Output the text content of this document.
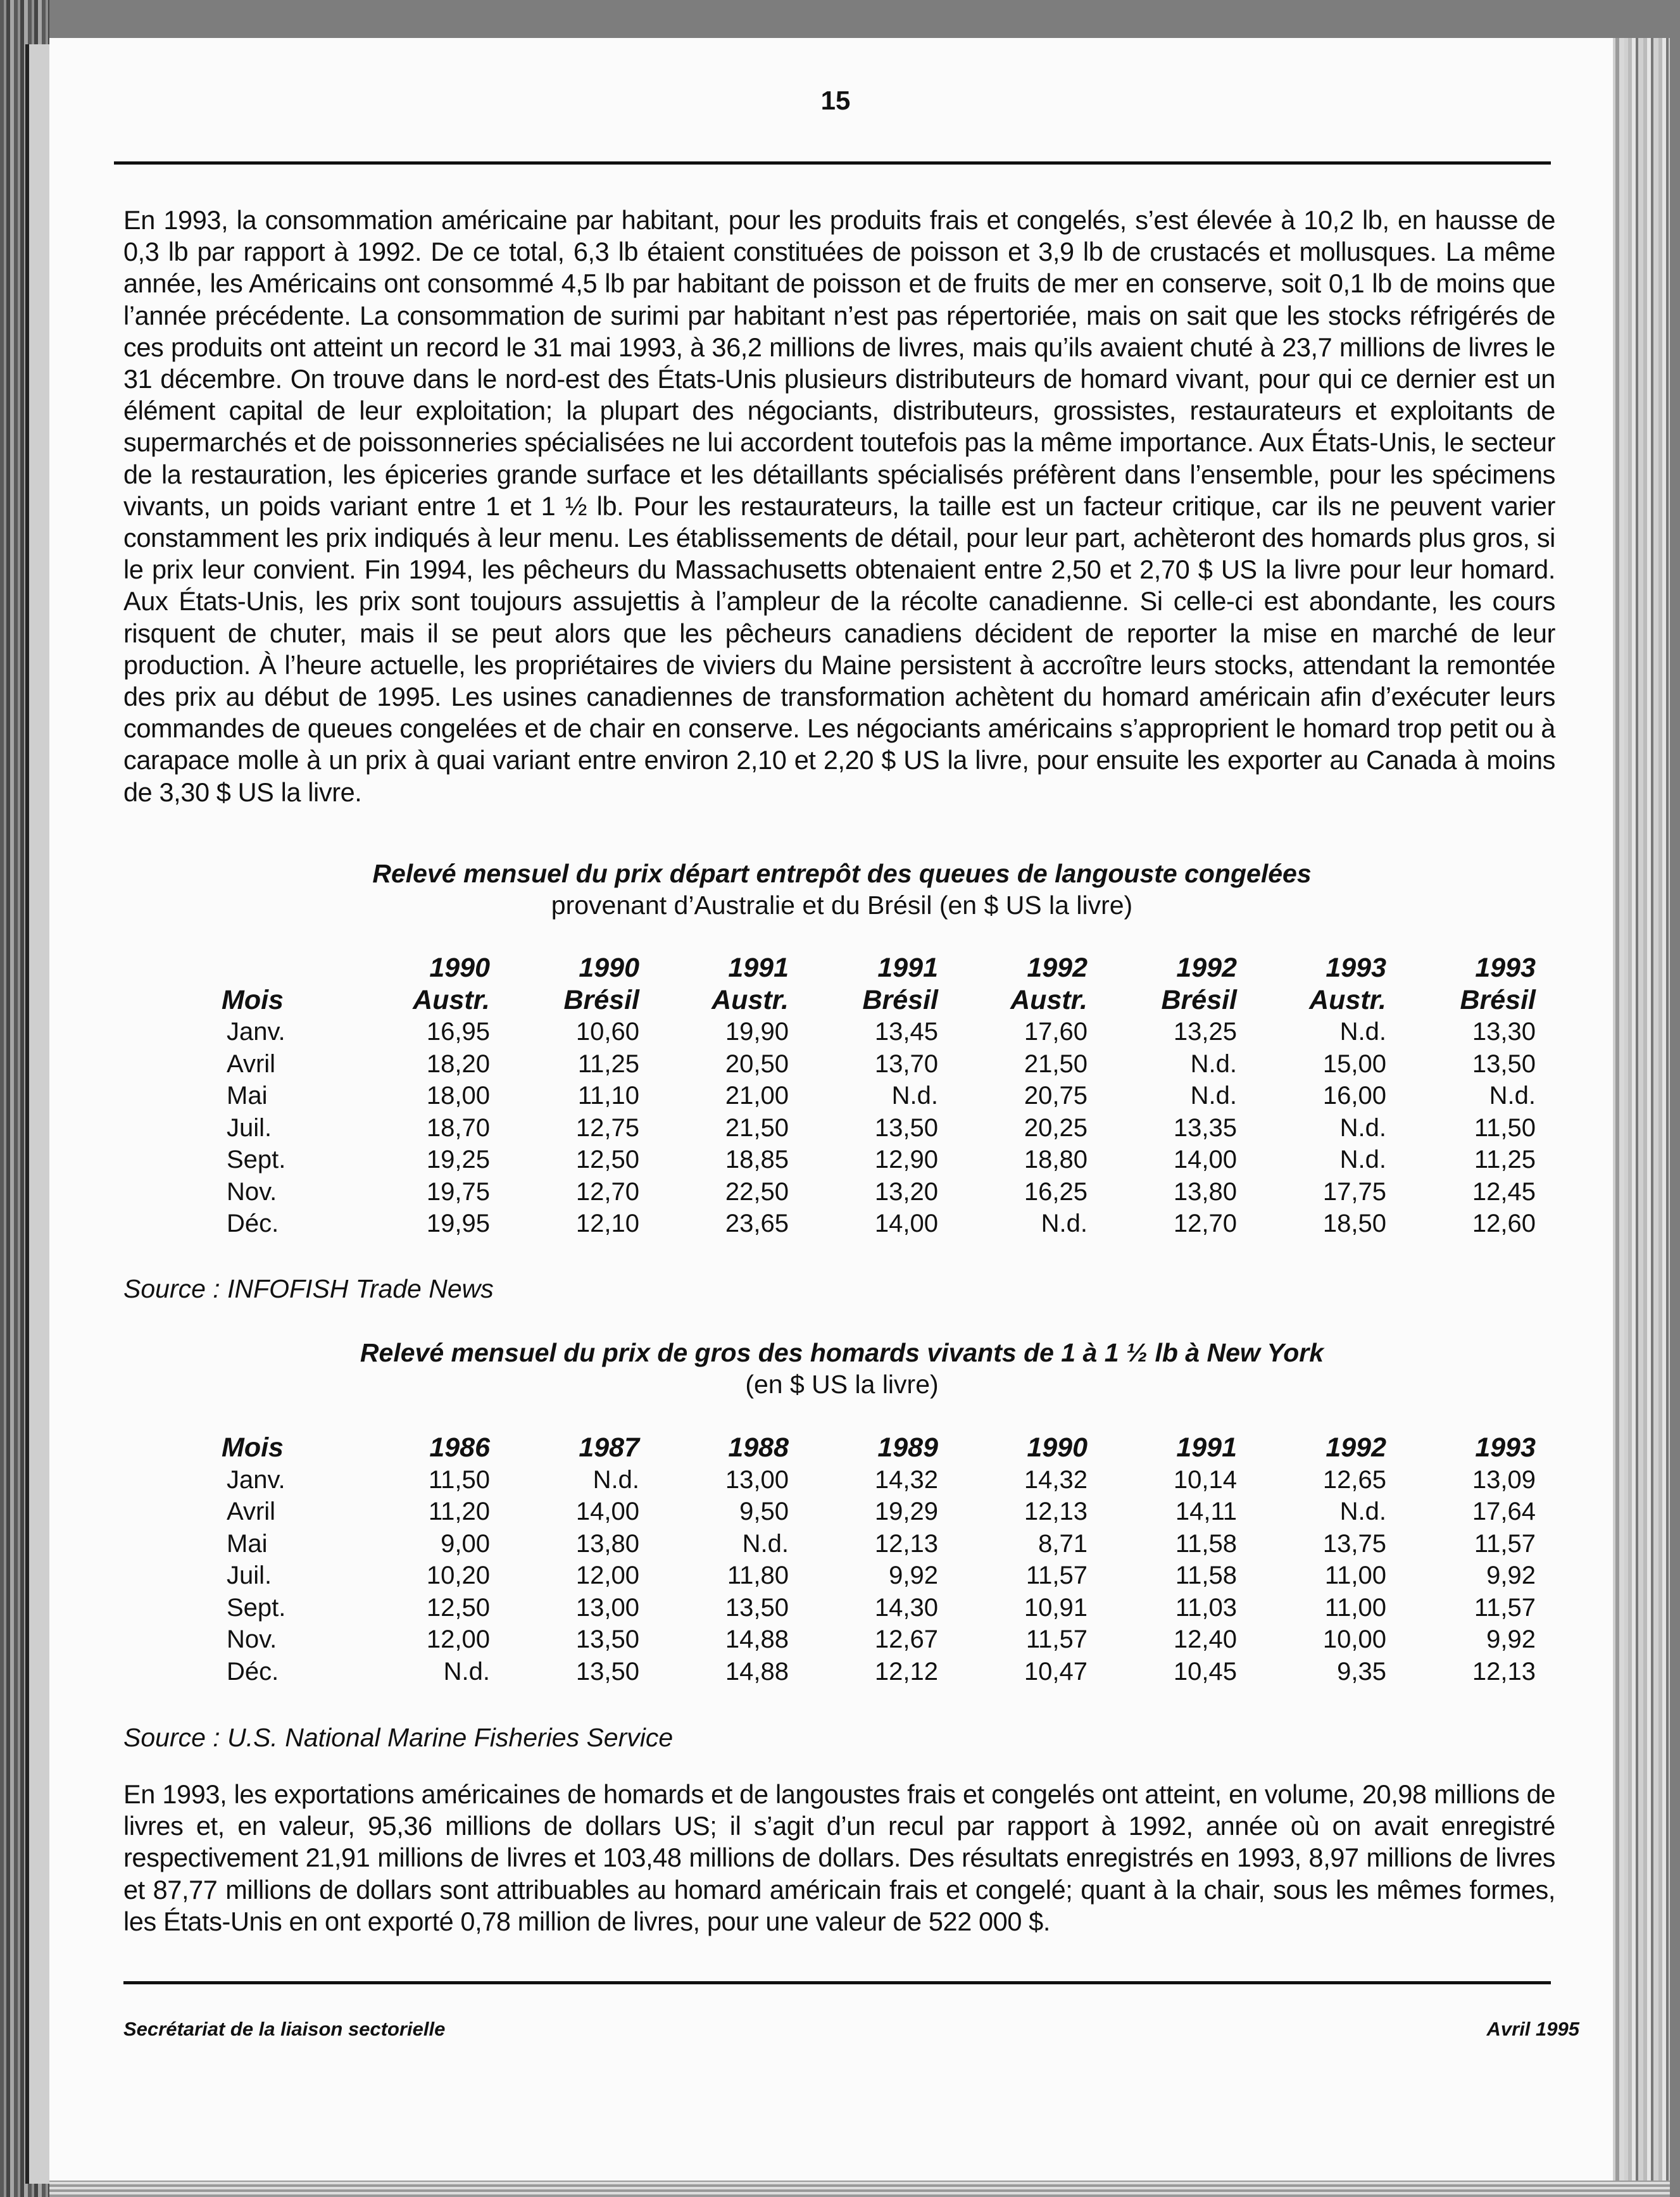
15

En 1993, la consommation américaine par habitant, pour les produits frais et congelés, s’est élevée à 10,2 lb, en hausse de 0,3 lb par rapport à 1992. De ce total, 6,3 lb étaient constituées de poisson et 3,9 lb de crustacés et mollusques. La même année, les Américains ont consommé 4,5 lb par habitant de poisson et de fruits de mer en conserve, soit 0,1 lb de moins que l’année précédente. La consommation de surimi par habitant n’est pas répertoriée, mais on sait que les stocks réfrigérés de ces produits ont atteint un record le 31 mai 1993, à 36,2 millions de livres, mais qu’ils avaient chuté à 23,7 millions de livres le 31 décembre. On trouve dans le nord-est des États-Unis plusieurs distributeurs de homard vivant, pour qui ce dernier est un élément capital de leur exploitation; la plupart des négociants, distributeurs, grossistes, restaurateurs et exploitants de supermarchés et de poissonneries spécialisées ne lui accordent toutefois pas la même importance. Aux États-Unis, le secteur de la restauration, les épiceries grande surface et les détaillants spécialisés préfèrent dans l’ensemble, pour les spécimens vivants, un poids variant entre 1 et 1 ½ lb. Pour les restaurateurs, la taille est un facteur critique, car ils ne peuvent varier constamment les prix indiqués à leur menu. Les établissements de détail, pour leur part, achèteront des homards plus gros, si le prix leur convient. Fin 1994, les pêcheurs du Massachusetts obtenaient entre 2,50 et 2,70 $ US la livre pour leur homard. Aux États-Unis, les prix sont toujours assujettis à l’ampleur de la récolte canadienne. Si celle-ci est abondante, les cours risquent de chuter, mais il se peut alors que les pêcheurs canadiens décident de reporter la mise en marché de leur production. À l’heure actuelle, les propriétaires de viviers du Maine persistent à accroître leurs stocks, attendant la remontée des prix au début de 1995. Les usines canadiennes de transformation achètent du homard américain afin d’exécuter leurs commandes de queues congelées et de chair en conserve. Les négociants américains s’approprient le homard trop petit ou à carapace molle à un prix à quai variant entre environ 2,10 et 2,20 $ US la livre, pour ensuite les exporter au Canada à moins de 3,30 $ US la livre.

Relevé mensuel du prix départ entrepôt des queues de langouste congelées
provenant d’Australie et du Brésil (en $ US la livre)
	1990	1990	1991	1991	1992	1992	1993	1993
Mois	Austr.	Brésil	Austr.	Brésil	Austr.	Brésil	Austr.	Brésil
Janv.	16,95	10,60	19,90	13,45	17,60	13,25	N.d.	13,30
Avril	18,20	11,25	20,50	13,70	21,50	N.d.	15,00	13,50
Mai	18,00	11,10	21,00	N.d.	20,75	N.d.	16,00	N.d.
Juil.	18,70	12,75	21,50	13,50	20,25	13,35	N.d.	11,50
Sept.	19,25	12,50	18,85	12,90	18,80	14,00	N.d.	11,25
Nov.	19,75	12,70	22,50	13,20	16,25	13,80	17,75	12,45
Déc.	19,95	12,10	23,65	14,00	N.d.	12,70	18,50	12,60
Source : INFOFISH Trade News
Relevé mensuel du prix de gros des homards vivants de 1 à 1 ½ lb à New York
(en $ US la livre)
Mois	1986	1987	1988	1989	1990	1991	1992	1993
Janv.	11,50	N.d.	13,00	14,32	14,32	10,14	12,65	13,09
Avril	11,20	14,00	9,50	19,29	12,13	14,11	N.d.	17,64
Mai	9,00	13,80	N.d.	12,13	8,71	11,58	13,75	11,57
Juil.	10,20	12,00	11,80	9,92	11,57	11,58	11,00	9,92
Sept.	12,50	13,00	13,50	14,30	10,91	11,03	11,00	11,57
Nov.	12,00	13,50	14,88	12,67	11,57	12,40	10,00	9,92
Déc.	N.d.	13,50	14,88	12,12	10,47	10,45	9,35	12,13
Source : U.S. National Marine Fisheries Service

En 1993, les exportations américaines de homards et de langoustes frais et congelés ont atteint, en volume, 20,98 millions de livres et, en valeur, 95,36 millions de dollars US; il s’agit d’un recul par rapport à 1992, année où on avait enregistré respectivement 21,91 millions de livres et 103,48 millions de dollars. Des résultats enregistrés en 1993, 8,97 millions de livres et 87,77 millions de dollars sont attribuables au homard américain frais et congelé; quant à la chair, sous les mêmes formes, les États-Unis en ont exporté 0,78 million de livres, pour une valeur de 522 000 $.

Secrétariat de la liaison sectorielle	Avril 1995
